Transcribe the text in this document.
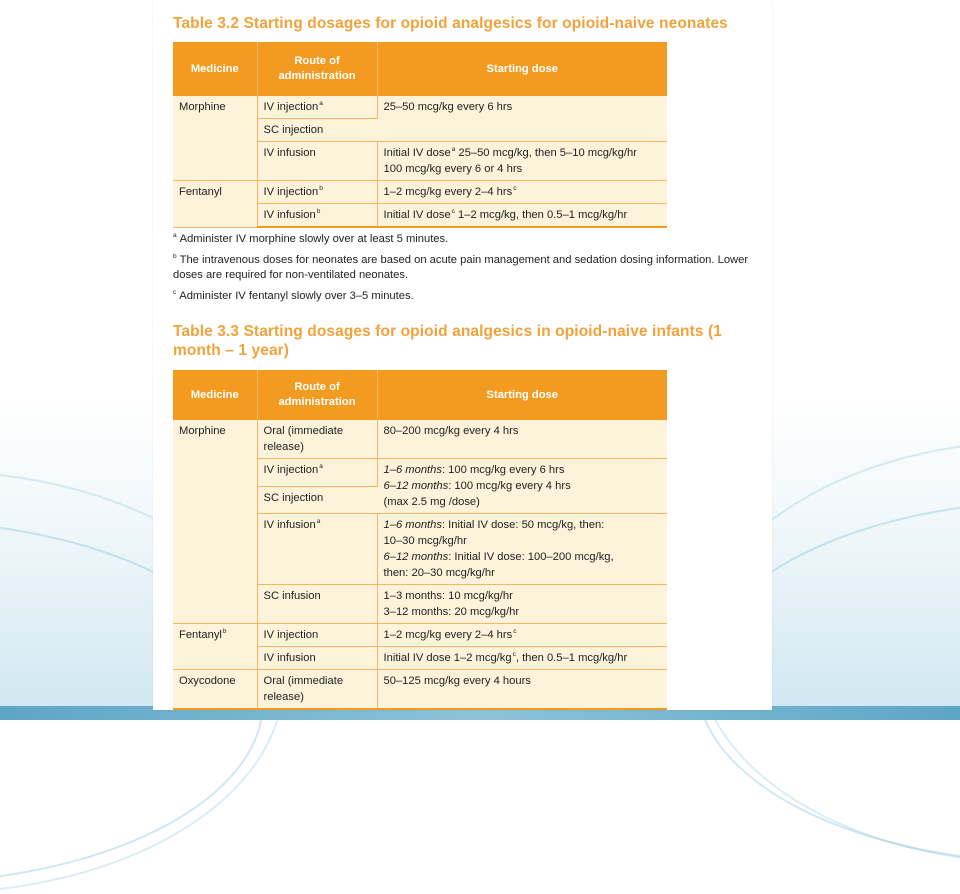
Table 3.2 Starting dosages for opioid analgesics for opioid-naive neonates
Medicine	Route of administration	Starting dose
Morphine	IV injection$^a$	25–50 mcg/kg every 6 hrs
	SC injection	
	IV infusion	Initial IV dose$^a$ 25–50 mcg/kg, then 5–10 mcg/kg/hr
100 mcg/kg every 6 or 4 hrs
Fentanyl	IV injection$^b$	1–2 mcg/kg every 2–4 hrs$^c$
	IV infusion$^b$	Initial IV dose$^c$ 1–2 mcg/kg, then 0.5–1 mcg/kg/hr

$^a$ Administer IV morphine slowly over at least 5 minutes.

$^b$ The intravenous doses for neonates are based on acute pain management and sedation dosing information. Lower doses are required for non-ventilated neonates.

$^c$ Administer IV fentanyl slowly over 3–5 minutes.

Table 3.3 Starting dosages for opioid analgesics in opioid-naive infants (1 month – 1 year)
Medicine	Route of administration	Starting dose
Morphine	Oral (immediate release)	80–200 mcg/kg every 4 hrs
	IV injection$^a$	1–6 months: 100 mcg/kg every 6 hrs
6–12 months: 100 mcg/kg every 4 hrs
(max 2.5 mg /dose)
	SC injection	
	IV infusion$^a$	1–6 months: Initial IV dose: 50 mcg/kg, then:
10–30 mcg/kg/hr
6–12 months: Initial IV dose: 100–200 mcg/kg,
then: 20–30 mcg/kg/hr
	SC infusion	1–3 months: 10 mcg/kg/hr
3–12 months: 20 mcg/kg/hr
Fentanyl$^b$	IV injection	1–2 mcg/kg every 2–4 hrs$^c$
	IV infusion	Initial IV dose 1–2 mcg/$kg^c$, then 0.5–1 mcg/kg/hr
Oxycodone	Oral (immediate release)	50–125 mcg/kg every 4 hours
